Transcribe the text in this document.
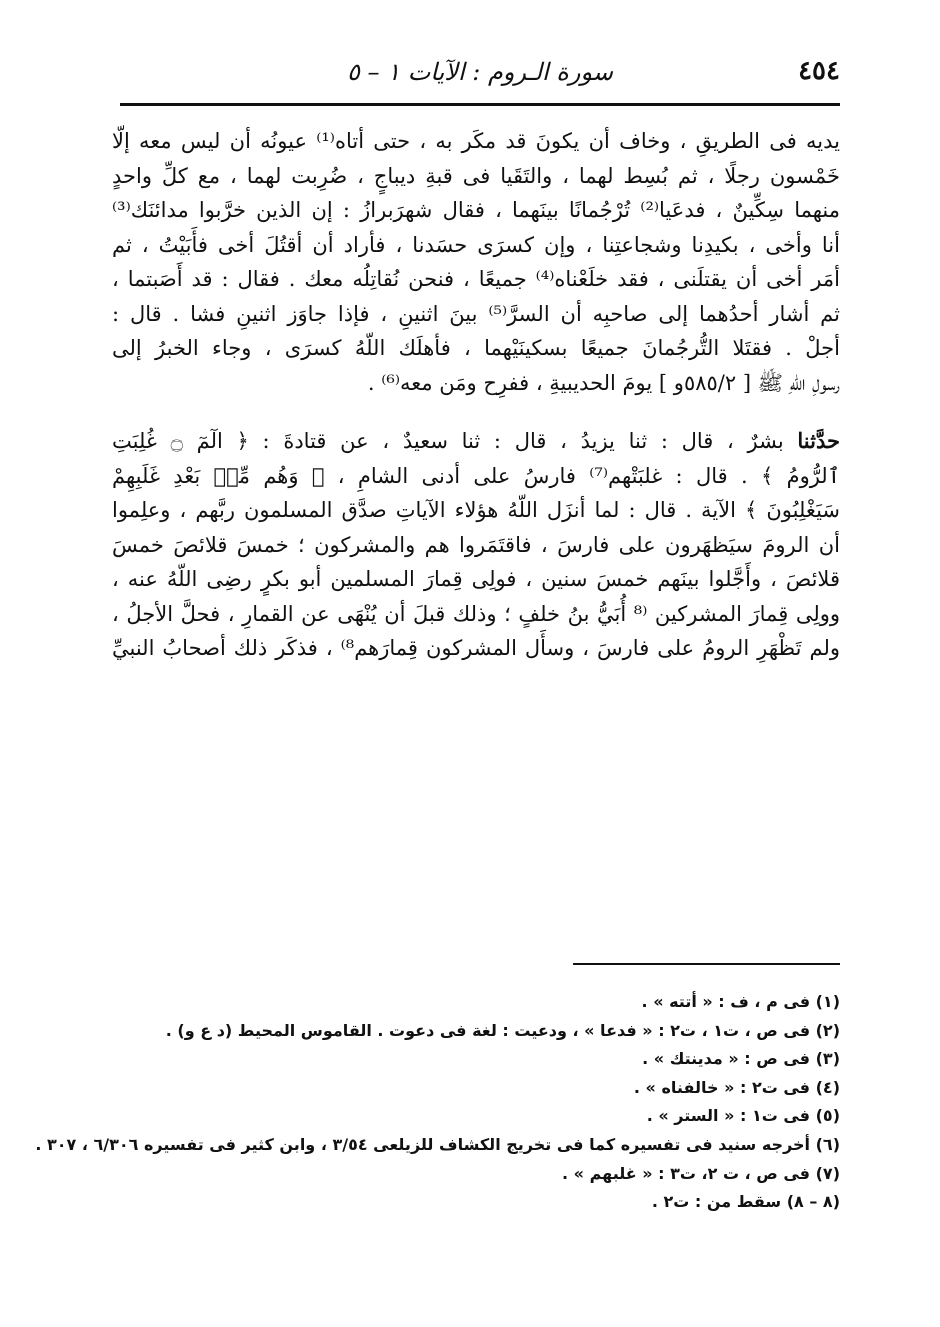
٤٥٤
سورة الـروم : الآيات ١ – ٥
يديه فى الطريقِ ، وخاف أن يكونَ قد مكَر به ، حتى أتاه⁽¹⁾ عيونُه أن ليس معه إلّا
خَمْسون رجلًا ، ثم بُسِط لهما ، والتَقَيا فى قبةِ ديباجٍ ، ضُرِبت لهما ، مع كلِّ واحدٍ
منهما سِكِّينٌ ، فدعَيا⁽²⁾ تُرْجُمانًا بينَهما ، فقال شهرَبرازُ : إن الذين خرَّبوا مدائنَك⁽³⁾
أنا وأخى ، بكيدِنا وشجاعتِنا ، وإن كسرَى حسَدنا ، فأراد أن أقتُلَ أخى فأَبَيْتُ ، ثم
أمَر أخى أن يقتلَنى ، فقد خلَعْناه⁽⁴⁾ جميعًا ، فنحن نُقاتِلُه معك . فقال : قد أَصَبتما ،
ثم أشار أحدُهما إلى صاحبِه أن السرَّ⁽⁵⁾ بينَ اثنينِ ، فإذا جاوَز اثنينِ فشا . قال :
أجلْ . فقتَلا التُّرجُمانَ جميعًا بسكينَيْهما ، فأهلَك اللّهُ كسرَى ، وجاء الخبرُ إلى
رسولِ اللّهِ ﷺ [ ٥٨٥/٢و ] يومَ الحديبيةِ ، ففرِح ومَن معه⁽⁶⁾ .
حدَّثنا بشرٌ ، قال : ثنا يزيدُ ، قال : ثنا سعيدٌ ، عن قتادةَ : ﴿ الٓمٓ ۝ غُلِبَتِ
ٱلرُّومُ ﴾ . قال : غلبَتْهم⁽⁷⁾ فارسُ على أدنى الشامِ ، ﴿ وَهُم مِّنۢ بَعْدِ غَلَبِهِمْ
سَيَغْلِبُونَ ﴾ الآية . قال : لما أنزَل اللّهُ هؤلاء الآياتِ صدَّق المسلمون ربَّهم ، وعلِموا
أن الرومَ سيَظهَرون على فارسَ ، فاقتَمَروا هم والمشركون ؛ خمسَ قلائصَ خمسَ
قلائصَ ، وأَجَّلوا بينَهم خمسَ سنين ، فولِى قِمارَ المسلمين أبو بكرٍ رضِى اللّهُ عنه ،
وولِى قِمارَ المشركين ⁽⁸ أُبَيُّ بنُ خلفٍ ؛ وذلك قبلَ أن يُنْهَى عن القمارِ ، فحلَّ الأجلُ ،
ولم تَظْهَرِ الرومُ على فارسَ ، وسأَل المشركون قِمارَهم⁸⁾ ، فذكَر ذلك أصحابُ النبيِّ
(١) فى م ، ف : « أتته » .
(٢) فى ص ، ت١ ، ت٢ : « فدعا » ، ودعيت : لغة فى دعوت . القاموس المحيط (د ع و) .
(٣) فى ص : « مدينتك » .
(٤) فى ت٢ : « خالفناه » .
(٥) فى ت١ : « الستر » .
(٦) أخرجه سنيد فى تفسيره كما فى تخريج الكشاف للزيلعى ٣/٥٤ ، وابن كثير فى تفسيره ٦/٣٠٦ ، ٣٠٧ .
(٧) فى ص ، ت ٢، ت٣ : « غلبهم » .
(٨ – ٨) سقط من : ت٢ .
